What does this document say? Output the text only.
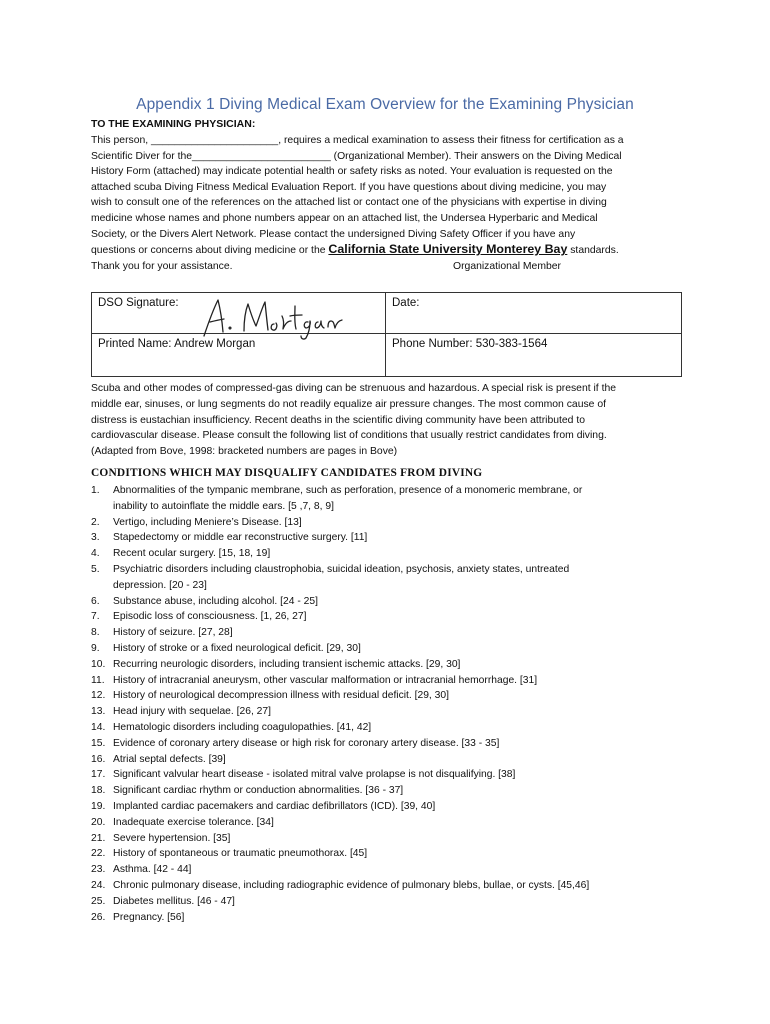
Appendix 1 Diving Medical Exam Overview for the Examining Physician
TO THE EXAMINING PHYSICIAN:
This person, ______________________, requires a medical examination to assess their fitness for certification as a
Scientific Diver for the________________________ (Organizational Member). Their answers on the Diving Medical
History Form (attached) may indicate potential health or safety risks as noted. Your evaluation is requested on the
attached scuba Diving Fitness Medical Evaluation Report. If you have questions about diving medicine, you may
wish to consult one of the references on the attached list or contact one of the physicians with expertise in diving
medicine whose names and phone numbers appear on an attached list, the Undersea Hyperbaric and Medical
Society, or the Divers Alert Network. Please contact the undersigned Diving Safety Officer if you have any
questions or concerns about diving medicine or the California State University Monterey Bay standards.
Thank you for your assistance.	Organizational Member
DSO Signature:	Date:

Printed Name: Andrew Morgan	Phone Number: 530-383-1564
Scuba and other modes of compressed-gas diving can be strenuous and hazardous. A special risk is present if the
middle ear, sinuses, or lung segments do not readily equalize air pressure changes. The most common cause of
distress is eustachian insufficiency. Recent deaths in the scientific diving community have been attributed to
cardiovascular disease. Please consult the following list of conditions that usually restrict candidates from diving.
(Adapted from Bove, 1998: bracketed numbers are pages in Bove)
CONDITIONS WHICH MAY DISQUALIFY CANDIDATES FROM DIVING
1.	Abnormalities of the tympanic membrane, such as perforation, presence of a monomeric membrane, or
inability to autoinflate the middle ears. [5 ,7, 8, 9]
2.	Vertigo, including Meniere’s Disease. [13]
3.	Stapedectomy or middle ear reconstructive surgery. [11]
4.	Recent ocular surgery. [15, 18, 19]
5.	Psychiatric disorders including claustrophobia, suicidal ideation, psychosis, anxiety states, untreated
depression. [20 - 23]
6.	Substance abuse, including alcohol. [24 - 25]
7.	Episodic loss of consciousness. [1, 26, 27]
8.	History of seizure. [27, 28]
9.	History of stroke or a fixed neurological deficit. [29, 30]
10. Recurring neurologic disorders, including transient ischemic attacks. [29, 30]
11. History of intracranial aneurysm, other vascular malformation or intracranial hemorrhage. [31]
12. History of neurological decompression illness with residual deficit. [29, 30]
13. Head injury with sequelae. [26, 27]
14. Hematologic disorders including coagulopathies. [41, 42]
15. Evidence of coronary artery disease or high risk for coronary artery disease. [33 - 35]
16. Atrial septal defects. [39]
17. Significant valvular heart disease - isolated mitral valve prolapse is not disqualifying. [38]
18. Significant cardiac rhythm or conduction abnormalities. [36 - 37]
19. Implanted cardiac pacemakers and cardiac defibrillators (ICD). [39, 40]
20. Inadequate exercise tolerance. [34]
21. Severe hypertension. [35]
22. History of spontaneous or traumatic pneumothorax. [45]
23. Asthma. [42 - 44]
24. Chronic pulmonary disease, including radiographic evidence of pulmonary blebs, bullae, or cysts. [45,46]
25. Diabetes mellitus. [46 - 47]
26. Pregnancy. [56]
